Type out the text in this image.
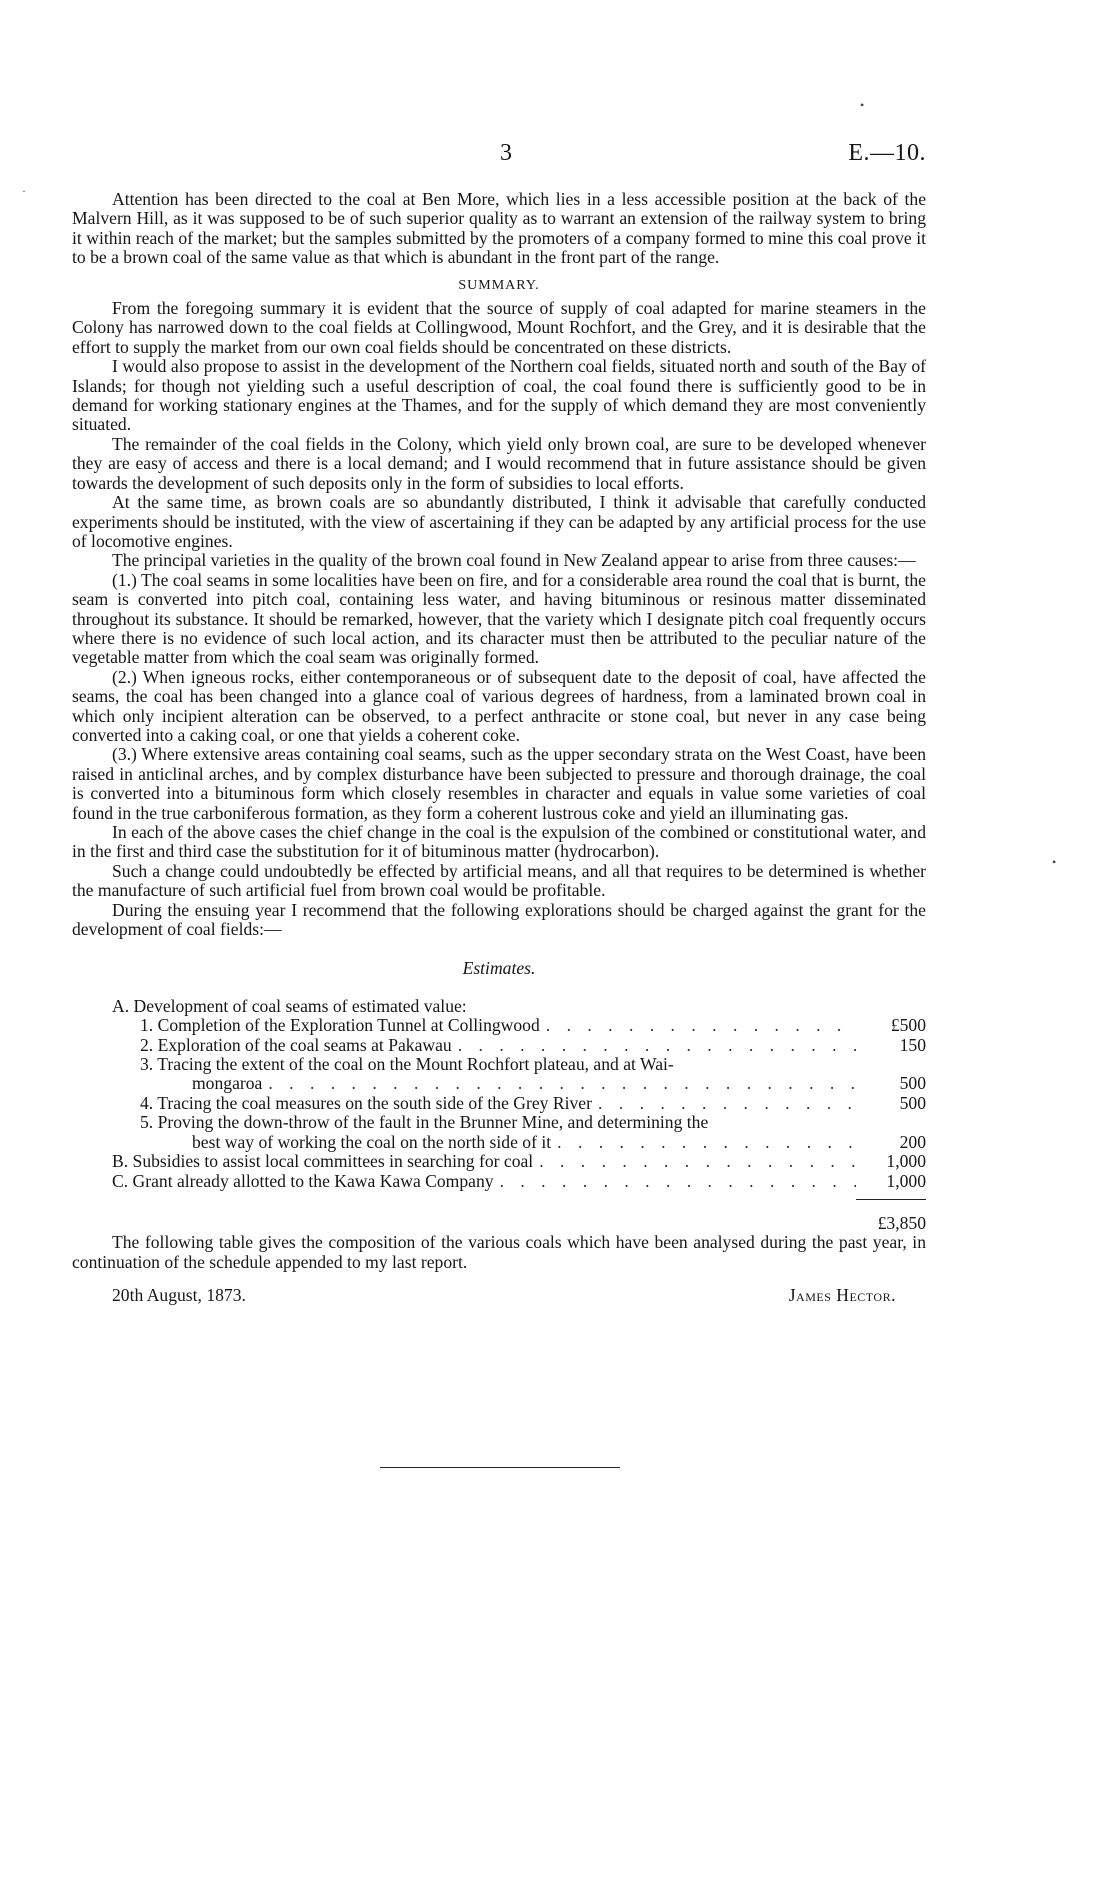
3	E.—10.
•
·
•

Attention has been directed to the coal at Ben More, which lies in a less accessible position at the back of the Malvern Hill, as it was supposed to be of such superior quality as to warrant an extension of the railway system to bring it within reach of the market; but the samples submitted by the promoters of a company formed to mine this coal prove it to be a brown coal of the same value as that which is abundant in the front part of the range.

SUMMARY.

From the foregoing summary it is evident that the source of supply of coal adapted for marine steamers in the Colony has narrowed down to the coal fields at Collingwood, Mount Rochfort, and the Grey, and it is desirable that the effort to supply the market from our own coal fields should be concentrated on these districts.

I would also propose to assist in the development of the Northern coal fields, situated north and south of the Bay of Islands; for though not yielding such a useful description of coal, the coal found there is sufficiently good to be in demand for working stationary engines at the Thames, and for the supply of which demand they are most conveniently situated.

The remainder of the coal fields in the Colony, which yield only brown coal, are sure to be developed whenever they are easy of access and there is a local demand; and I would recommend that in future assistance should be given towards the development of such deposits only in the form of subsidies to local efforts.

At the same time, as brown coals are so abundantly distributed, I think it advisable that carefully conducted experiments should be instituted, with the view of ascertaining if they can be adapted by any artificial process for the use of locomotive engines.

The principal varieties in the quality of the brown coal found in New Zealand appear to arise from three causes:—

(1.) The coal seams in some localities have been on fire, and for a considerable area round the coal that is burnt, the seam is converted into pitch coal, containing less water, and having bituminous or resinous matter disseminated throughout its substance. It should be remarked, however, that the variety which I designate pitch coal frequently occurs where there is no evidence of such local action, and its character must then be attributed to the peculiar nature of the vegetable matter from which the coal seam was originally formed.

(2.) When igneous rocks, either contemporaneous or of subsequent date to the deposit of coal, have affected the seams, the coal has been changed into a glance coal of various degrees of hardness, from a laminated brown coal in which only incipient alteration can be observed, to a perfect anthracite or stone coal, but never in any case being converted into a caking coal, or one that yields a coherent coke.

(3.) Where extensive areas containing coal seams, such as the upper secondary strata on the West Coast, have been raised in anticlinal arches, and by complex disturbance have been subjected to pressure and thorough drainage, the coal is converted into a bituminous form which closely resembles in character and equals in value some varieties of coal found in the true carboniferous formation, as they form a coherent lustrous coke and yield an illuminating gas.

In each of the above cases the chief change in the coal is the expulsion of the combined or constitutional water, and in the first and third case the substitution for it of bituminous matter (hydrocarbon).

Such a change could undoubtedly be effected by artificial means, and all that requires to be determined is whether the manufacture of such artificial fuel from brown coal would be profitable.

During the ensuing year I recommend that the following explorations should be charged against the grant for the development of coal fields:—

Estimates.

A. Development of coal seams of estimated value:
1. Completion of the Exploration Tunnel at Collingwood . . .	£500
2. Exploration of the coal seams at Pakawau . . .	150
3. Tracing the extent of the coal on the Mount Rochfort plateau, and at Wai-
mongaroa . . .	500
4. Tracing the coal measures on the south side of the Grey River . . .	500
5. Proving the down-throw of the fault in the Brunner Mine, and determining the
best way of working the coal on the north side of it . . .	200
B. Subsidies to assist local committees in searching for coal . . .	1,000
C. Grant already allotted to the Kawa Kawa Company . . .	1,000
£3,850

The following table gives the composition of the various coals which have been analysed during the past year, in continuation of the schedule appended to my last report.

20th August, 1873.	James Hector.
